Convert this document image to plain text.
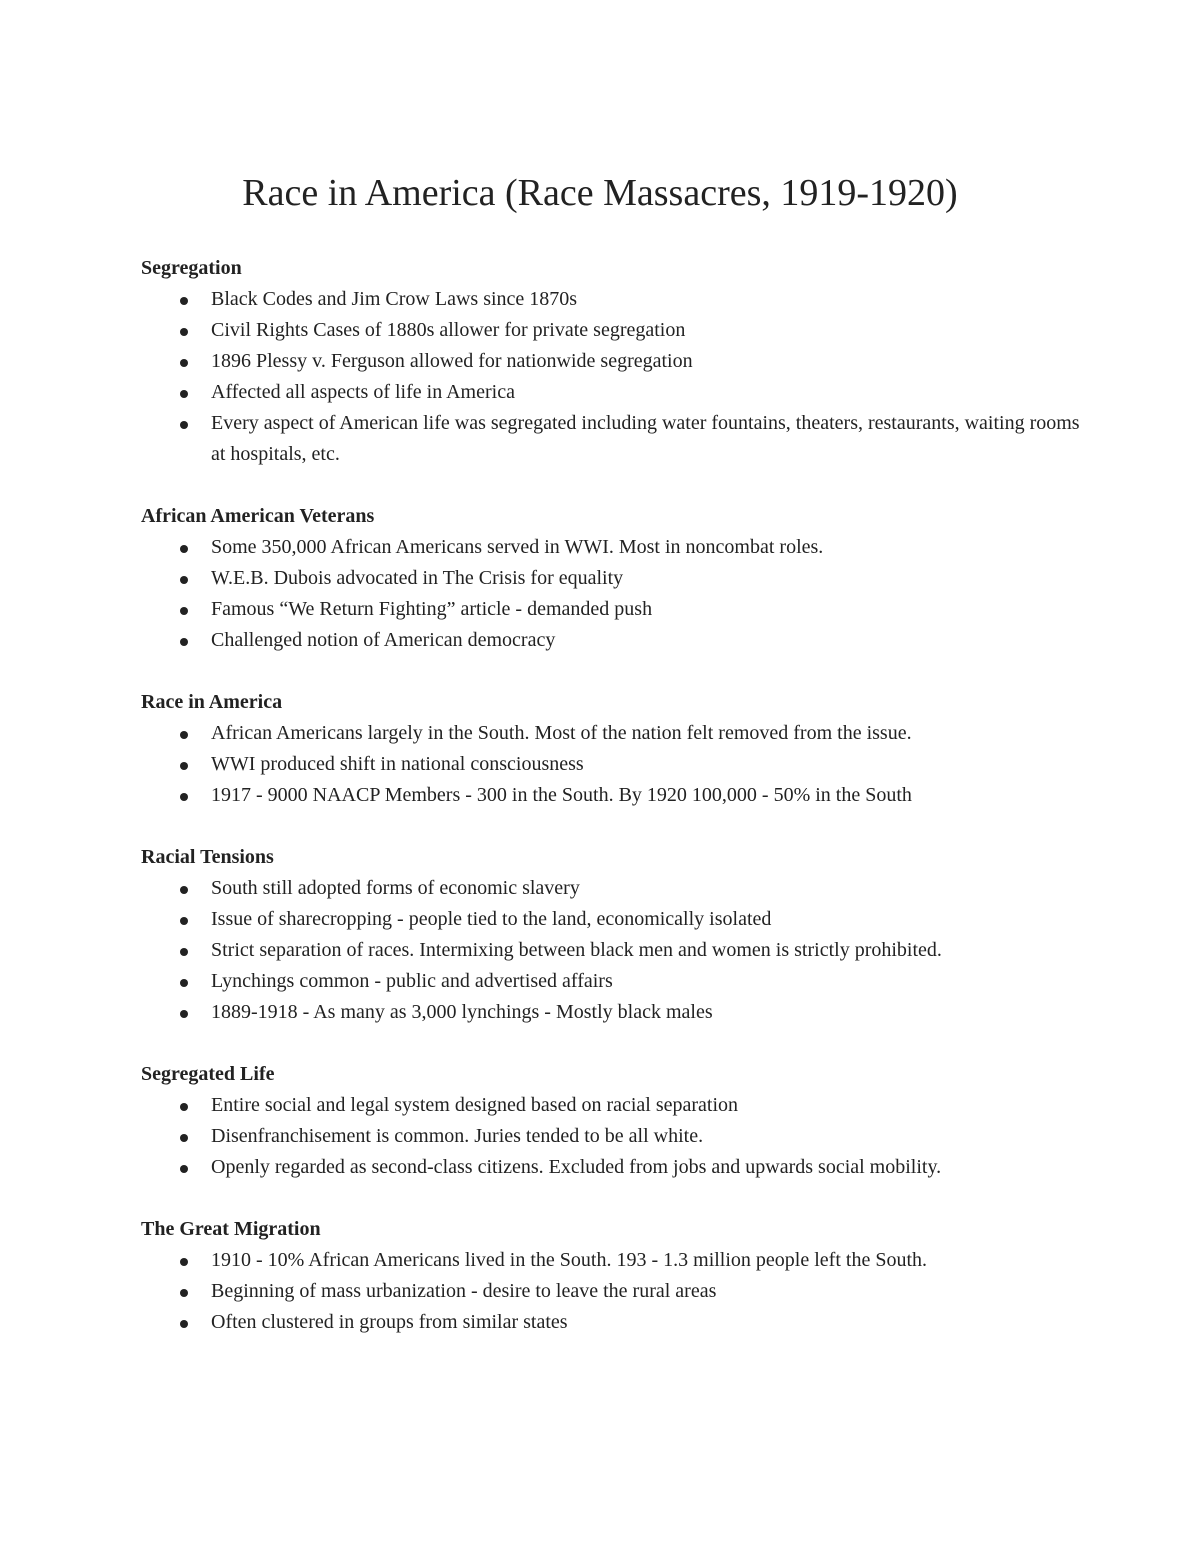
Race in America (Race Massacres, 1919-1920)

Segregation

Black Codes and Jim Crow Laws since 1870s
Civil Rights Cases of 1880s allower for private segregation
1896 Plessy v. Ferguson allowed for nationwide segregation
Affected all aspects of life in America
Every aspect of American life was segregated including water fountains, theaters, restaurants, waiting rooms at hospitals, etc.

African American Veterans

Some 350,000 African Americans served in WWI. Most in noncombat roles.
W.E.B. Dubois advocated in The Crisis for equality
Famous “We Return Fighting” article - demanded push
Challenged notion of American democracy

Race in America

African Americans largely in the South. Most of the nation felt removed from the issue.
WWI produced shift in national consciousness
1917 - 9000 NAACP Members - 300 in the South. By 1920 100,000 - 50% in the South

Racial Tensions

South still adopted forms of economic slavery
Issue of sharecropping - people tied to the land, economically isolated
Strict separation of races. Intermixing between black men and women is strictly prohibited.
Lynchings common - public and advertised affairs
1889-1918 - As many as 3,000 lynchings - Mostly black males

Segregated Life

Entire social and legal system designed based on racial separation
Disenfranchisement is common. Juries tended to be all white.
Openly regarded as second-class citizens. Excluded from jobs and upwards social mobility.

The Great Migration

1910 - 10% African Americans lived in the South. 193 - 1.3 million people left the South.
Beginning of mass urbanization - desire to leave the rural areas
Often clustered in groups from similar states
